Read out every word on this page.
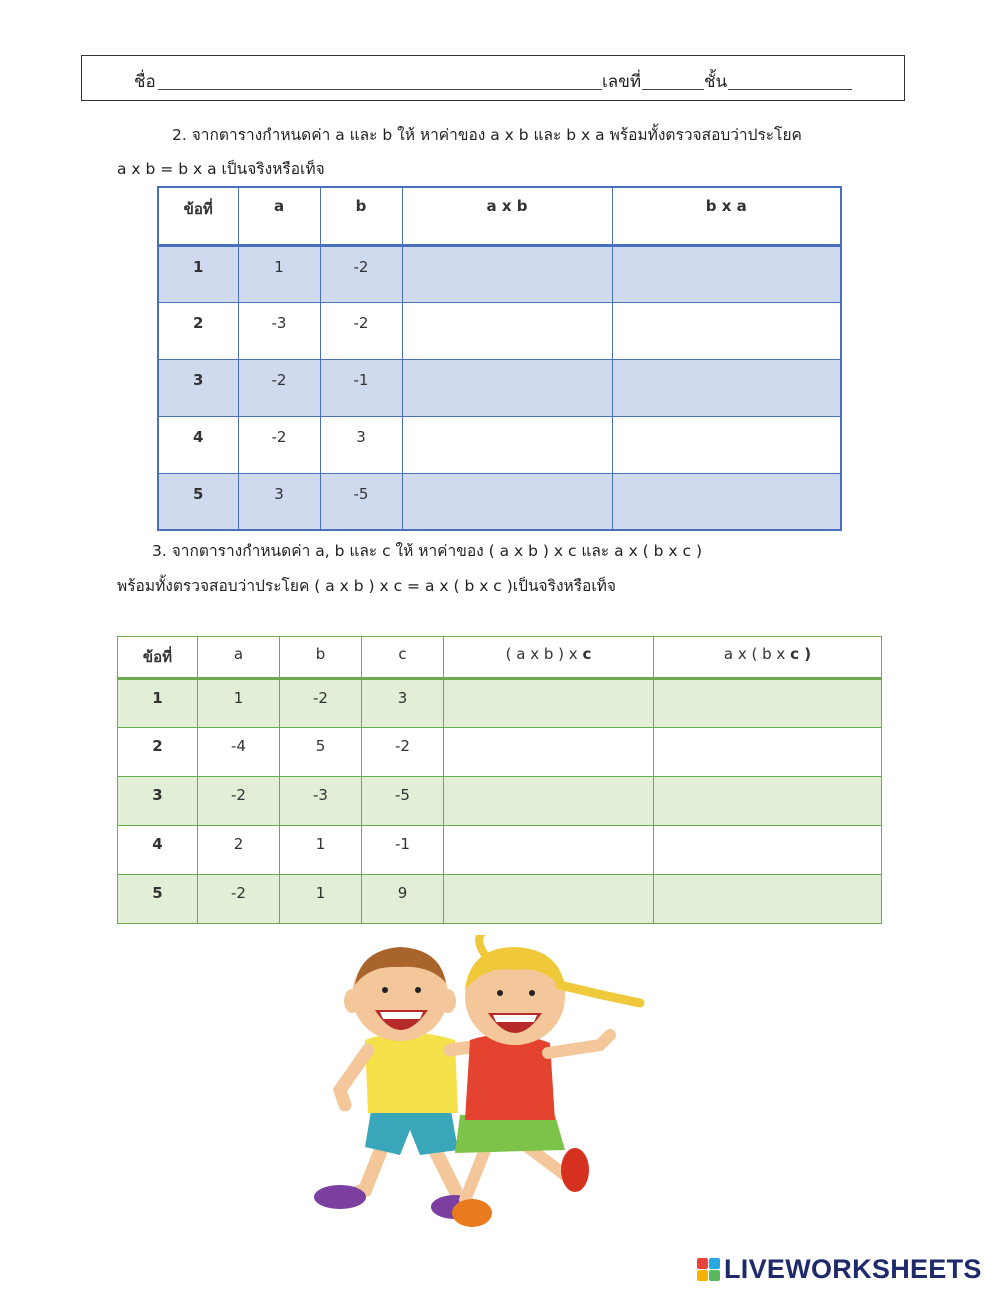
ชื่อ	เลขที่	ชั้น
2. จากตารางกำหนดค่า a และ b ให้ หาค่าของ a x b และ b x a พร้อมทั้งตรวจสอบว่าประโยค
a x b = b x a เป็นจริงหรือเท็จ
ข้อที่	a	b	a x b	b x a
1	1	-2		
2	-3	-2		
3	-2	-1		
4	-2	3		
5	3	-5		
3. จากตารางกำหนดค่า a, b และ c ให้ หาค่าของ ( a x b ) x c และ a x ( b x c )
พร้อมทั้งตรวจสอบว่าประโยค ( a x b ) x c = a x ( b x c )เป็นจริงหรือเท็จ
ข้อที่	a	b	c	( a x b ) x c	a x ( b x c )
1	1	-2	3		
2	-4	5	-2		
3	-2	-3	-5		
4	2	1	-1		
5	-2	1	9		
LIVEWORKSHEETS
